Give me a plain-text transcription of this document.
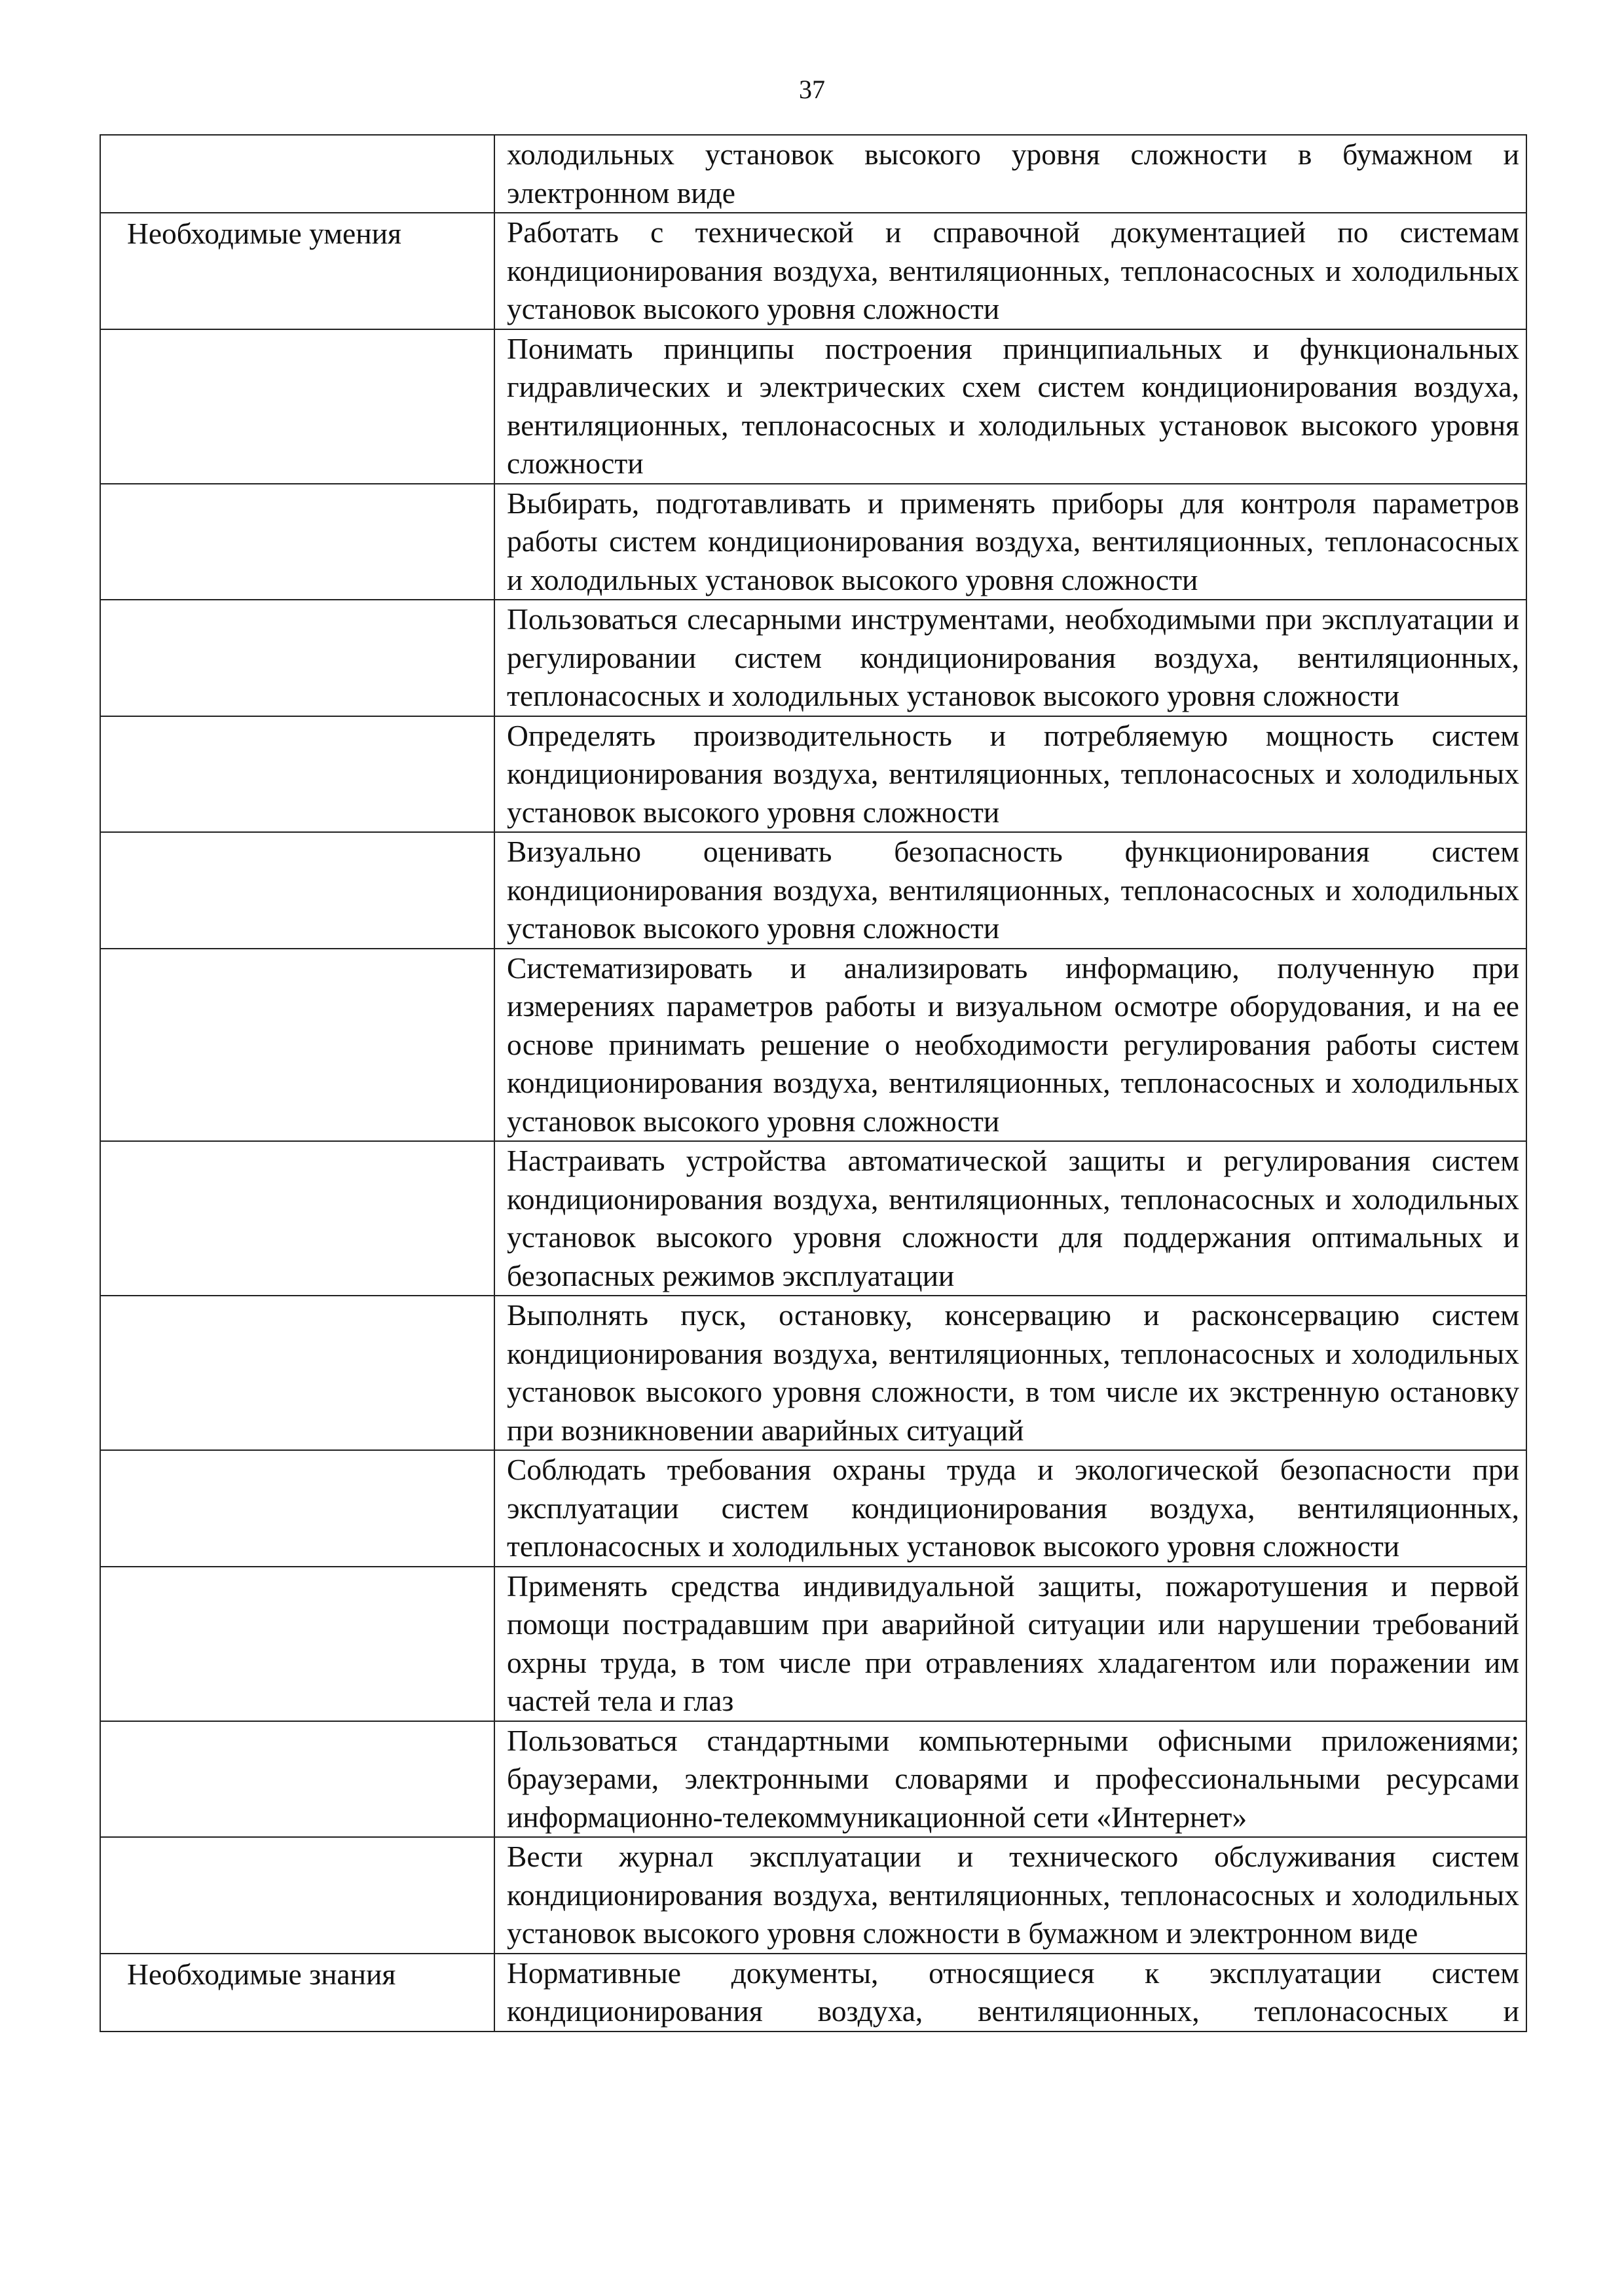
37

	холодильных установок высокого уровня сложности в бумажном и электронном виде

Необходимые умения	Работать с технической и справочной документацией по системам кондиционирования воздуха, вентиляционных, теплонасосных и холодильных установок высокого уровня сложности

	Понимать принципы построения принципиальных и функциональных гидравлических и электрических схем систем кондиционирования воздуха, вентиляционных, теплонасосных и холодильных установок высокого уровня сложности

	Выбирать, подготавливать и применять приборы для контроля параметров работы систем кондиционирования воздуха, вентиляционных, теплонасосных и холодильных установок высокого уровня сложности

	Пользоваться слесарными инструментами, необходимыми при эксплуатации и регулировании систем кондиционирования воздуха, вентиляционных, теплонасосных и холодильных установок высокого уровня сложности

	Определять производительность и потребляемую мощность систем кондиционирования воздуха, вентиляционных, теплонасосных и холодильных установок высокого уровня сложности

	Визуально оценивать безопасность функционирования систем кондиционирования воздуха, вентиляционных, теплонасосных и холодильных установок высокого уровня сложности

	Систематизировать и анализировать информацию, полученную при измерениях параметров работы и визуальном осмотре оборудования, и на ее основе принимать решение о необходимости регулирования работы систем кондиционирования воздуха, вентиляционных, теплонасосных и холодильных установок высокого уровня сложности

	Настраивать устройства автоматической защиты и регулирования систем кондиционирования воздуха, вентиляционных, теплонасосных и холодильных установок высокого уровня сложности для поддержания оптимальных и безопасных режимов эксплуатации

	Выполнять пуск, остановку, консервацию и расконсервацию систем кондиционирования воздуха, вентиляционных, теплонасосных и холодильных установок высокого уровня сложности, в том числе их экстренную остановку при возникновении аварийных ситуаций

	Соблюдать требования охраны труда и экологической безопасности при эксплуатации систем кондиционирования воздуха, вентиляционных, теплонасосных и холодильных установок высокого уровня сложности

	Применять средства индивидуальной защиты, пожаротушения и первой помощи пострадавшим при аварийной ситуации или нарушении требований охрны труда, в том числе при отравлениях хладагентом или поражении им частей тела и глаз

	Пользоваться стандартными компьютерными офисными приложениями; браузерами, электронными словарями и профессиональными ресурсами информационно-телекоммуникационной сети «Интернет»

	Вести журнал эксплуатации и технического обслуживания систем кондиционирования воздуха, вентиляционных, теплонасосных и холодильных установок высокого уровня сложности в бумажном и электронном виде

Необходимые знания	Нормативные документы, относящиеся к эксплуатации систем кондиционирования воздуха, вентиляционных, теплонасосных и
